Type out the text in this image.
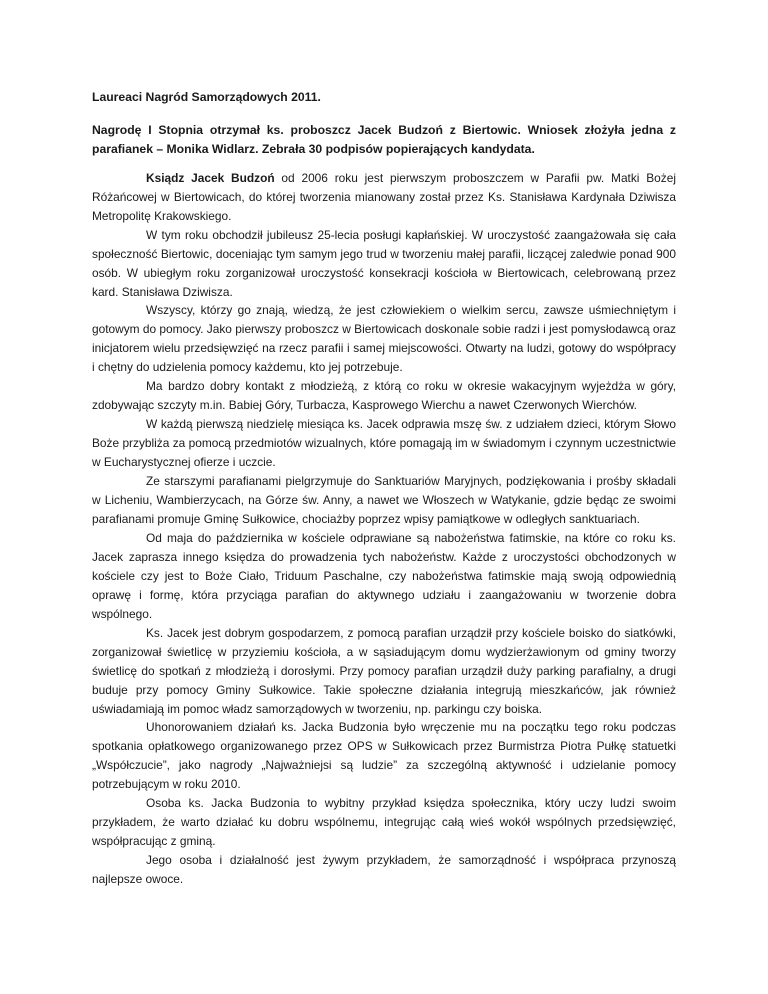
Laureaci Nagród Samorządowych 2011.
Nagrodę I Stopnia otrzymał ks. proboszcz Jacek Budzoń z Biertowic. Wniosek złożyła jedna z parafianek – Monika Widlarz. Zebrała 30 podpisów popierających kandydata.

Ksiądz Jacek Budzoń od 2006 roku jest pierwszym proboszczem w Parafii pw. Matki Bożej Różańcowej w Biertowicach, do której tworzenia mianowany został przez Ks. Stanisława Kardynała Dziwisza Metropolitę Krakowskiego.

W tym roku obchodził jubileusz 25-lecia posługi kapłańskiej. W uroczystość zaangażowała się cała społeczność Biertowic, doceniając tym samym jego trud w tworzeniu małej parafii, liczącej zaledwie ponad 900 osób. W ubiegłym roku zorganizował uroczystość konsekracji kościoła w Biertowicach, celebrowaną przez kard. Stanisława Dziwisza.

Wszyscy, którzy go znają, wiedzą, że jest człowiekiem o wielkim sercu, zawsze uśmiechniętym i gotowym do pomocy. Jako pierwszy proboszcz w Biertowicach doskonale sobie radzi i jest pomysłodawcą oraz inicjatorem wielu przedsięwzięć na rzecz parafii i samej miejscowości. Otwarty na ludzi, gotowy do współpracy i chętny do udzielenia pomocy każdemu, kto jej potrzebuje.

Ma bardzo dobry kontakt z młodzieżą, z którą co roku w okresie wakacyjnym wyjeżdża w góry, zdobywając szczyty m.in. Babiej Góry, Turbacza, Kasprowego Wierchu a nawet Czerwonych Wierchów.

W każdą pierwszą niedzielę miesiąca ks. Jacek odprawia mszę św. z udziałem dzieci, którym Słowo Boże przybliża za pomocą przedmiotów wizualnych, które pomagają im w świadomym i czynnym uczestnictwie w Eucharystycznej ofierze i uczcie.

Ze starszymi parafianami pielgrzymuje do Sanktuariów Maryjnych, podziękowania i prośby składali w Licheniu, Wambierzycach, na Górze św. Anny, a nawet we Włoszech w Watykanie, gdzie będąc ze swoimi parafianami promuje Gminę Sułkowice, chociażby poprzez wpisy pamiątkowe w odległych sanktuariach.

Od maja do października w kościele odprawiane są nabożeństwa fatimskie, na które co roku ks. Jacek zaprasza innego księdza do prowadzenia tych nabożeństw. Każde z uroczystości obchodzonych w kościele czy jest to Boże Ciało, Triduum Paschalne, czy nabożeństwa fatimskie mają swoją odpowiednią oprawę i formę, która przyciąga parafian do aktywnego udziału i zaangażowaniu w tworzenie dobra wspólnego.

Ks. Jacek jest dobrym gospodarzem, z pomocą parafian urządził przy kościele boisko do siatkówki, zorganizował świetlicę w przyziemiu kościoła, a w sąsiadującym domu wydzierżawionym od gminy tworzy świetlicę do spotkań z młodzieżą i dorosłymi. Przy pomocy parafian urządził duży parking parafialny, a drugi buduje przy pomocy Gminy Sułkowice. Takie społeczne działania integrują mieszkańców, jak również uświadamiają im pomoc władz samorządowych w tworzeniu, np. parkingu czy boiska.

Uhonorowaniem działań ks. Jacka Budzonia było wręczenie mu na początku tego roku podczas spotkania opłatkowego organizowanego przez OPS w Sułkowicach przez Burmistrza Piotra Pułkę statuetki „Współczucie”, jako nagrody „Najważniejsi są ludzie” za szczególną aktywność i udzielanie pomocy potrzebującym w roku 2010.

Osoba ks. Jacka Budzonia to wybitny przykład księdza społecznika, który uczy ludzi swoim przykładem, że warto działać ku dobru wspólnemu, integrując całą wieś wokół wspólnych przedsięwzięć, współpracując z gminą.

Jego osoba i działalność jest żywym przykładem, że samorządność i współpraca przynoszą najlepsze owoce.
